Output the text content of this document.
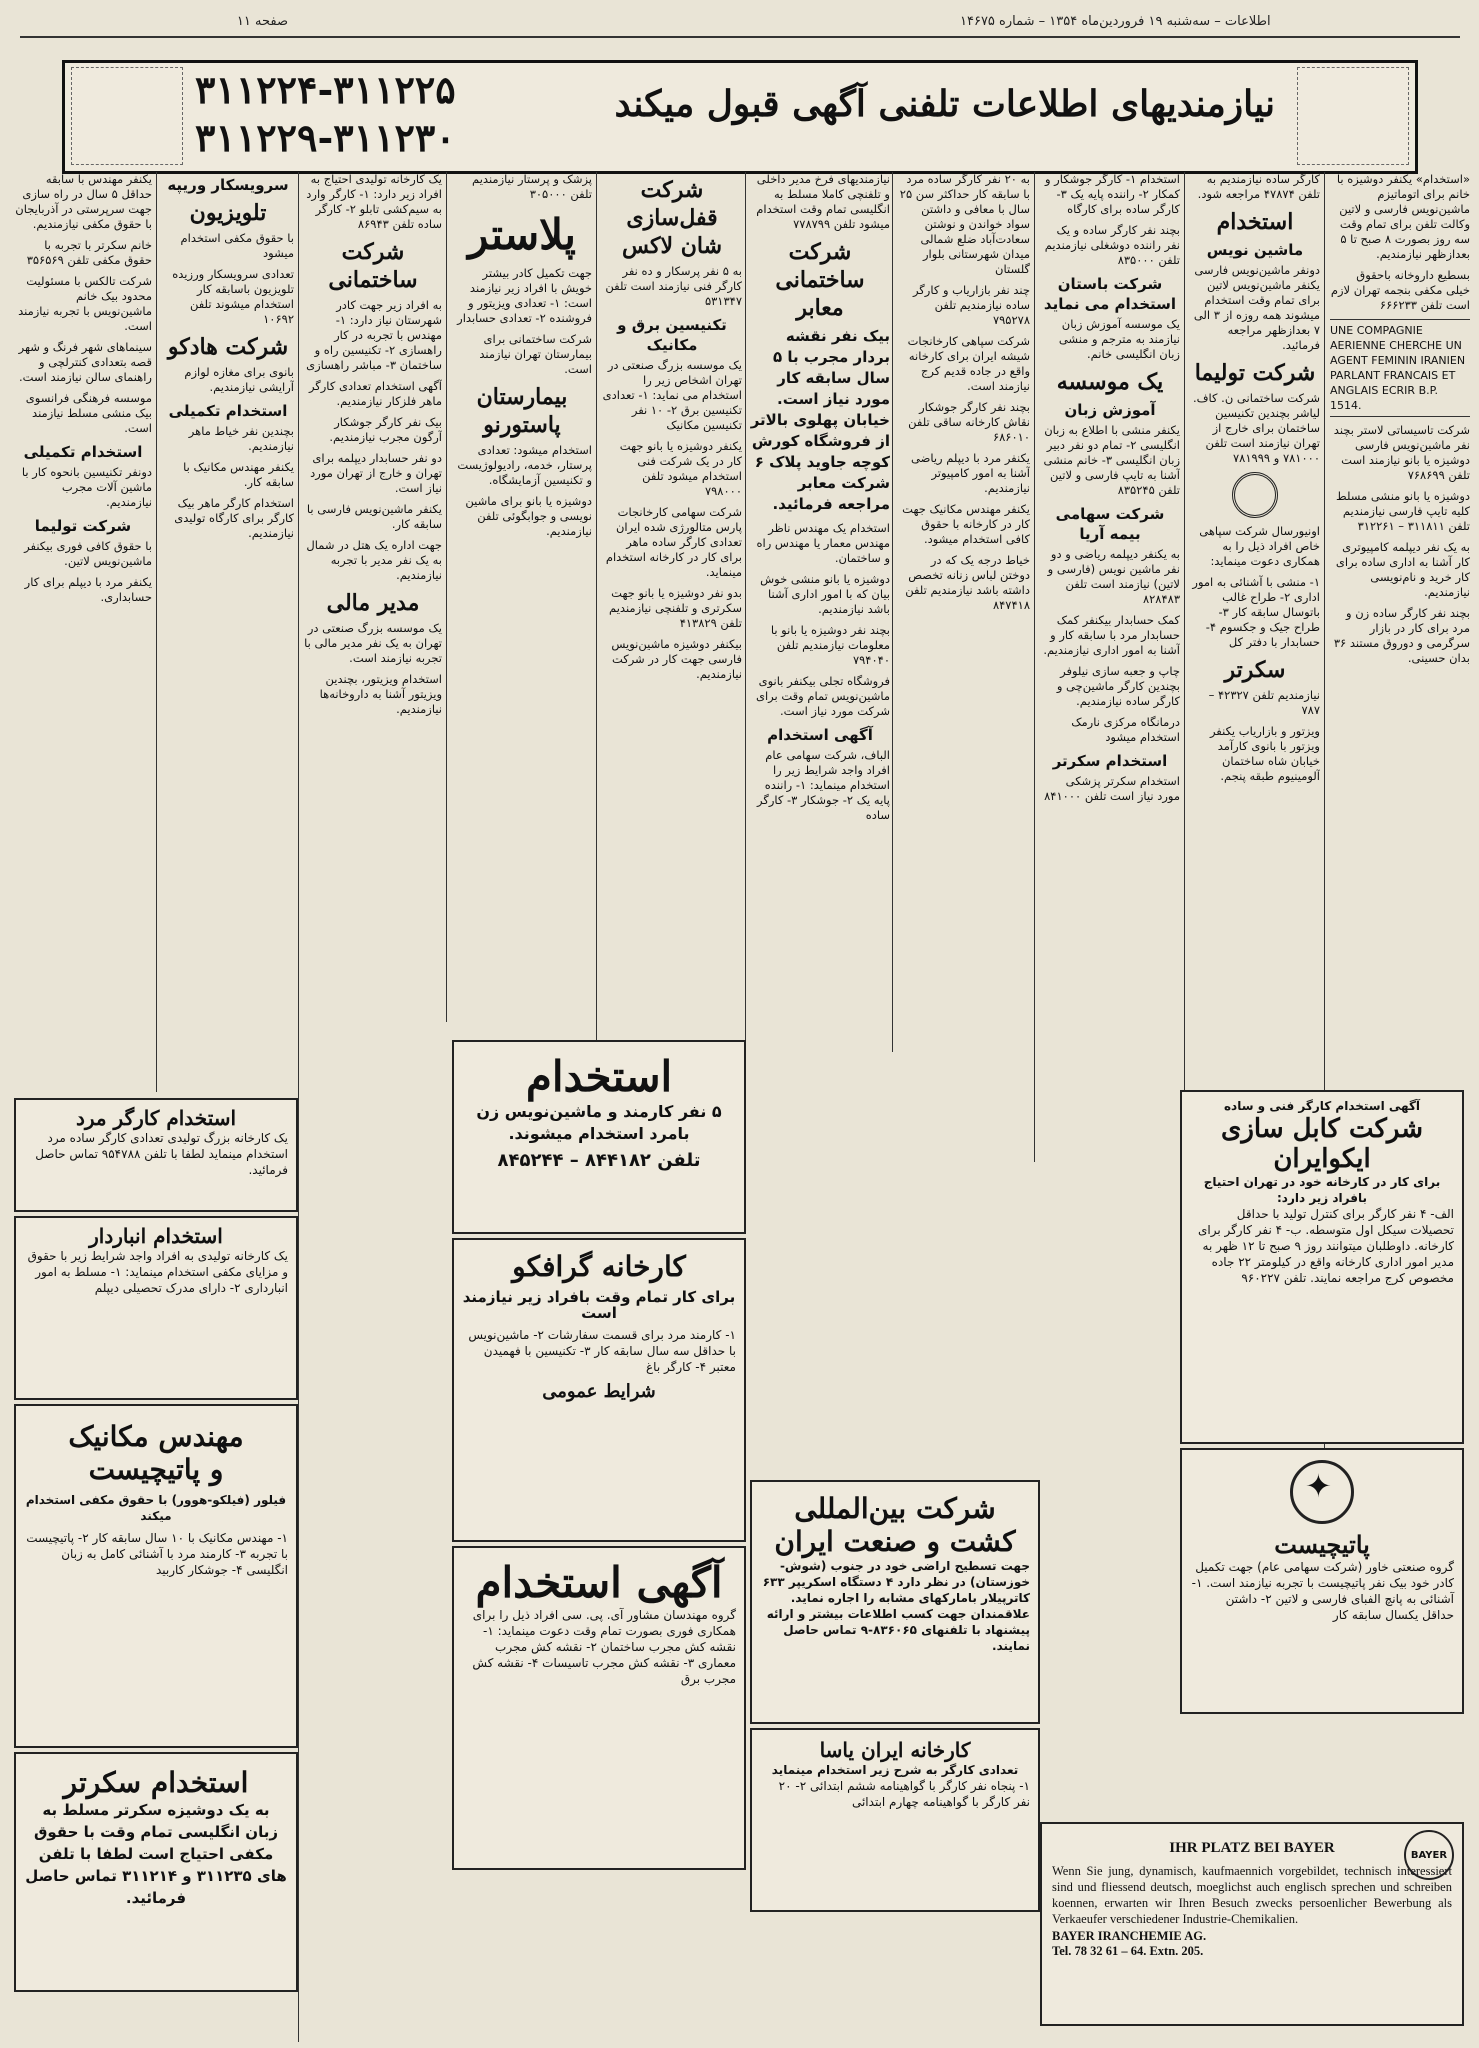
صفحه ۱۱	اطلاعات – سه‌شنبه ۱۹ فروردین‌ماه ۱۳۵۴ – شماره ۱۴۶۷۵
نیازمندیهای اطلاعات تلفنی آگهی قبول میکند
۳۱۱۲۲۴-۳۱۱۲۲۵
۳۱۱۲۲۹-۳۱۱۲۳۰

«استخدام» یکنفر دوشیزه با خانم برای اتوماتیزم ماشین‌نویس فارسی و لاتین وکالت تلفن برای تمام وقت سه روز بصورت ۸ صبح تا ۵ بعدازظهر نیازمندیم.

بسطیع داروخانه باحقوق خیلی مکفی بنجمه تهران لازم است تلفن ۶۶۶۲۳۳

UNE COMPAGNIE AERIENNE CHERCHE UN AGENT FEMININ IRANIEN PARLANT FRANCAIS ET ANGLAIS ECRIR B.P. 1514.

شرکت تاسیساتی لاستر بچند نفر ماشین‌نویس فارسی دوشیزه یا بانو نیازمند است تلفن ۷۶۸۶۹۹

دوشیزه یا بانو منشی مسلط کلیه تایپ فارسی نیازمندیم تلفن ۳۱۱۸۱۱ – ۳۱۲۲۶۱

به یک نفر دیپلمه کامپیوتری کار آشنا به اداری ساده برای کار خرید و نام‌نویسی نیازمندیم.

بچند نفر کارگر ساده زن و مرد برای کار در بازار سرگرمی و دوروق مستند ۳۶ بدان حسینی.

کارگر ساده نیازمندیم به تلفن ۴۷۸۷۴ مراجعه شود.

استخدام
ماشین نویس

دونفر ماشین‌نویس فارسی یکنفر ماشین‌نویس لاتین برای تمام وقت استخدام میشوند همه روزه از ۳ الی ۷ بعدازظهر مراجعه فرمائید.

شرکت تولیما

شرکت ساختمانی ن. کاف. لیاشر بچندین تکنیسین ساختمان برای خارج از تهران نیازمند است تلفن ۷۸۱۰۰۰ و ۷۸۱۹۹۹

اونیورسال شرکت سپاهی خاص افراد ذیل را به همکاری دعوت مینماید:

۱- منشی با آشنائی به امور اداری ۲- طراح غالب باتوسال سابقه کار ۳- طراح جیک و جکسوم ۴- حسابدار با دفتر کل

سکرتر

نیازمندیم تلفن ۴۲۳۲۷ – ۷۸۷

ویزتور و بازاریاب یکنفر ویزتور با بانوی کارآمد خیابان شاه ساختمان آلومینیوم طبقه پنجم.

استخدام ۱- کارگر جوشکار و کمکار ۲- راننده پایه یک ۳- کارگر ساده برای کارگاه

بچند نفر کارگر ساده و یک نفر راننده دوشغلی نیازمندیم تلفن ۸۳۵۰۰۰

شرکت باستان استخدام می نماید

یک موسسه آموزش زبان نیازمند به مترجم و منشی زبان انگلیسی خانم.

یک موسسه
آموزش زبان

یکنفر منشی با اطلاع به زبان انگلیسی ۲- تمام دو نفر دبیر زبان انگلیسی ۳- خانم منشی آشنا به تایپ فارسی و لاتین تلفن ۸۳۵۲۴۵

شرکت سهامی بیمه آریا

به یکنفر دیپلمه ریاضی و دو نفر ماشین نویس (فارسی و لاتین) نیازمند است تلفن ۸۲۸۴۸۳

کمک حسابدار بیکنفر کمک حسابدار مرد با سابقه کار و آشنا به امور اداری نیازمندیم.

چاپ و جعبه سازی نیلوفر بچندین کارگر ماشین‌چی و کارگر ساده نیازمندیم.

درمانگاه مرکزی نارمک استخدام میشود

استخدام سکرتر

استخدام سکرتر پزشکی مورد نیاز است تلفن ۸۴۱۰۰۰

به ۲۰ نفر کارگر ساده مرد با سابقه کار حداکثر سن ۲۵ سال با معافی و داشتن سواد خواندن و نوشتن سعادت‌آباد ضلع شمالی میدان شهرستانی بلوار گلستان

چند نفر بازاریاب و کارگر ساده نیازمندیم تلفن ۷۹۵۲۷۸

شرکت سپاهی کارخانجات شیشه ایران برای کارخانه واقع در جاده قدیم کرج نیازمند است.

بچند نفر کارگر جوشکار نقاش کارخانه ساقی تلفن ۶۸۶۰۱۰

یکنفر مرد با دیپلم ریاضی آشنا به امور کامپیوتر نیازمندیم.

یکنفر مهندس مکانیک جهت کار در کارخانه با حقوق کافی استخدام میشود.

خیاط درجه یک که در دوختن لباس زنانه تخصص داشته باشد نیازمندیم تلفن ۸۴۷۴۱۸

نیازمندیهای فرخ مدیر داخلی و تلفنچی کاملا مسلط به انگلیسی تمام وقت استخدام میشود تلفن ۷۷۸۷۹۹

شرکت ساختمانی معابر

بیک نفر نقشه بردار مجرب با ۵ سال سابقه کار مورد نیاز است. خیابان پهلوی بالاتر از فروشگاه کورش کوچه جاوید پلاک ۶ شرکت معابر مراجعه فرمائید.

استخدام یک مهندس ناظر مهندس معمار یا مهندس راه و ساختمان.

دوشیزه یا بانو منشی خوش بیان که با امور اداری آشنا باشد نیازمندیم.

بچند نفر دوشیزه یا بانو با معلومات نیازمندیم تلفن ۷۹۴۰۴۰

فروشگاه تجلی بیکنفر بانوی ماشین‌نویس تمام وقت برای شرکت مورد نیاز است.

آگهی استخدام

الباف، شرکت سهامی عام افراد واجد شرایط زیر را استخدام مینماید: ۱- راننده پایه یک ۲- جوشکار ۳- کارگر ساده

شرکت قفل‌سازی شان لاکس

به ۵ نفر پرسکار و ده نفر کارگر فنی نیازمند است تلفن ۵۳۱۳۴۷

تکنیسین برق و مکانیک

یک موسسه بزرگ صنعتی در تهران اشخاص زیر را استخدام می نماید: ۱- تعدادی تکنیسین برق ۲- ۱۰ نفر تکنیسین مکانیک

یکنفر دوشیزه یا بانو جهت کار در یک شرکت فنی استخدام میشود تلفن ۷۹۸۰۰۰

شرکت سهامی کارخانجات پارس متالورژی شده ایران تعدادی کارگر ساده ماهر برای کار در کارخانه استخدام مینماید.

بدو نفر دوشیزه یا بانو جهت سکرتری و تلفنچی نیازمندیم تلفن ۴۱۳۸۲۹

بیکنفر دوشیزه ماشین‌نویس فارسی جهت کار در شرکت نیازمندیم.

پزشک و پرستار نیازمندیم تلفن ۳۰۵۰۰۰

پلاستر

جهت تکمیل کادر بیشتر خویش با افراد زیر نیازمند است: ۱- تعدادی ویزیتور و فروشنده ۲- تعدادی حسابدار

شرکت ساختمانی برای بیمارستان تهران نیازمند است.

بیمارستان پاستورنو

استخدام میشود: تعدادی پرستار، خدمه، رادیولوژیست و تکنیسین آزمایشگاه.

دوشیزه یا بانو برای ماشین نویسی و جوابگوئی تلفن نیازمندیم.

یک کارخانه تولیدی احتیاج به افراد زیر دارد: ۱- کارگر وارد به سیم‌کشی تابلو ۲- کارگر ساده تلفن ۸۶۹۴۳

شرکت ساختمانی

به افراد زیر جهت کادر شهرستان نیاز دارد: ۱- مهندس با تجربه در کار راهسازی ۲- تکنیسین راه و ساختمان ۳- مباشر راهسازی

آگهی استخدام تعدادی کارگر ماهر فلزکار نیازمندیم.

بیک نفر کارگر جوشکار آرگون مجرب نیازمندیم.

دو نفر حسابدار دیپلمه برای تهران و خارج از تهران مورد نیاز است.

یکنفر ماشین‌نویس فارسی با سابقه کار.

جهت اداره یک هتل در شمال به یک نفر مدیر با تجربه نیازمندیم.

مدیر مالی

یک موسسه بزرگ صنعتی در تهران به یک نفر مدیر مالی با تجربه نیازمند است.

استخدام ویزیتور، بچندین ویزیتور آشنا به داروخانه‌ها نیازمندیم.

سرویسکار وریپه
تلویزیون

با حقوق مکفی استخدام میشود

تعدادی سرویسکار ورزیده تلویزیون باسابقه کار استخدام میشوند تلفن ۱۰۶۹۲

شرکت هادکو

بانوی برای مغازه لوازم آرایشی نیازمندیم.

استخدام تکمیلی

بچندین نفر خیاط ماهر نیازمندیم.

یکنفر مهندس مکانیک با سابقه کار.

استخدام کارگر ماهر بیک کارگر برای کارگاه تولیدی نیازمندیم.

یکنفر مهندس با سابقه حداقل ۵ سال در راه سازی جهت سرپرستی در آذربایجان با حقوق مکفی نیازمندیم.

خانم سکرتر با تجربه با حقوق مکفی تلفن ۳۵۶۵۶۹

شرکت تالکس با مسئولیت محدود بیک خانم ماشین‌نویس با تجربه نیازمند است.

سینماهای شهر فرنگ و شهر قصه بتعدادی کنترلچی و راهنمای سالن نیازمند است.

موسسه فرهنگی فرانسوی بیک منشی مسلط نیازمند است.

استخدام تکمیلی

دونفر تکنیسین بانحوه کار با ماشین آلات مجرب نیازمندیم.

شرکت تولیما

با حقوق کافی فوری بیکنفر ماشین‌نویس لاتین.

یکنفر مرد با دیپلم برای کار حسابداری.

استخدام کارگر مرد
یک کارخانه بزرگ تولیدی تعدادی کارگر ساده مرد استخدام مینماید لطفا با تلفن ۹۵۴۷۸۸ تماس حاصل فرمائید.
استخدام انباردار
یک کارخانه تولیدی به افراد واجد شرایط زیر با حقوق و مزایای مکفی استخدام مینماید: ۱- مسلط به امور انبارداری ۲- دارای مدرک تحصیلی دیپلم
مهندس مکانیک
و پاتیچیست
فیلور (فیلکو-هوور) با حقوق مکفی استخدام میکند
۱- مهندس مکانیک با ۱۰ سال سابقه کار ۲- پاتیچیست با تجربه ۳- کارمند مرد با آشنائی کامل به زبان انگلیسی ۴- جوشکار کاربید
استخدام سکرتر
به یک دوشیزه سکرتر مسلط به زبان انگلیسی تمام وقت با حقوق مکفی احتیاج است لطفا با تلفن های ۳۱۱۲۳۵ و ۳۱۱۲۱۴ تماس حاصل فرمائید.
استخدام
۵ نفر کارمند و ماشین‌نویس زن بامرد استخدام میشوند.
تلفن ۸۴۴۱۸۲ – ۸۴۵۲۴۴
کارخانه گرافکو
برای کار تمام وقت بافراد زیر نیازمند است
۱- کارمند مرد برای قسمت سفارشات ۲- ماشین‌نویس با حداقل سه سال سابقه کار ۳- تکنیسین با فهمیدن معتبر ۴- کارگر باغ
شرایط عمومی
آگهی استخدام
گروه مهندسان مشاور آی. پی. سی افراد ذیل را برای همکاری فوری بصورت تمام وقت دعوت مینماید: ۱- نقشه کش مجرب ساختمان ۲- نقشه کش مجرب معماری ۳- نقشه کش مجرب تاسیسات ۴- نقشه کش مجرب برق
شرکت بین‌المللی
کشت و صنعت ایران
جهت تسطیح اراضی خود در جنوب (شوش-خوزستان) در نظر دارد ۴ دستگاه اسکریپر ۶۳۳ کاترپیلار بامارکهای مشابه را اجاره نماید. علاقمندان جهت کسب اطلاعات بیشتر و ارائه پیشنهاد با تلفنهای ۸۳۶۰۶۵-۹ تماس حاصل نمایند.
کارخانه ایران یاسا
تعدادی کارگر به شرح زیر استخدام مینماید
۱- پنجاه نفر کارگر با گواهینامه ششم ابتدائی ۲- ۲۰ نفر کارگر با گواهینامه چهارم ابتدائی
آگهی استخدام کارگر فنی و ساده
شرکت کابل سازی
ایکوایران
برای کار در کارخانه خود در تهران احتیاج بافراد زیر دارد:
الف- ۴ نفر کارگر برای کنترل تولید با حداقل تحصیلات سیکل اول متوسطه. ب- ۴ نفر کارگر برای کارخانه. داوطلبان میتوانند روز ۹ صبح تا ۱۲ ظهر به مدیر امور اداری کارخانه واقع در کیلومتر ۲۲ جاده مخصوص کرج مراجعه نمایند. تلفن ۹۶۰۲۲۷
✦
پاتیچیست
گروه صنعتی خاور (شرکت سهامی عام) جهت تکمیل کادر خود بیک نفر پاتیچیست با تجربه نیازمند است. ۱- آشنائی به پانچ الفبای فارسی و لاتین ۲- داشتن حداقل یکسال سابقه کار
BAYER
IHR PLATZ BEI BAYER
Wenn Sie jung, dynamisch, kaufmaennich vorgebildet, technisch interessiert sind und fliessend deutsch, moeglichst auch englisch sprechen und schreiben koennen, erwarten wir Ihren Besuch zwecks persoenlicher Bewerbung als Verkaeufer verschiedener Industrie-Chemikalien.
BAYER IRANCHEMIE AG.
Tel. 78 32 61 – 64. Extn. 205.
